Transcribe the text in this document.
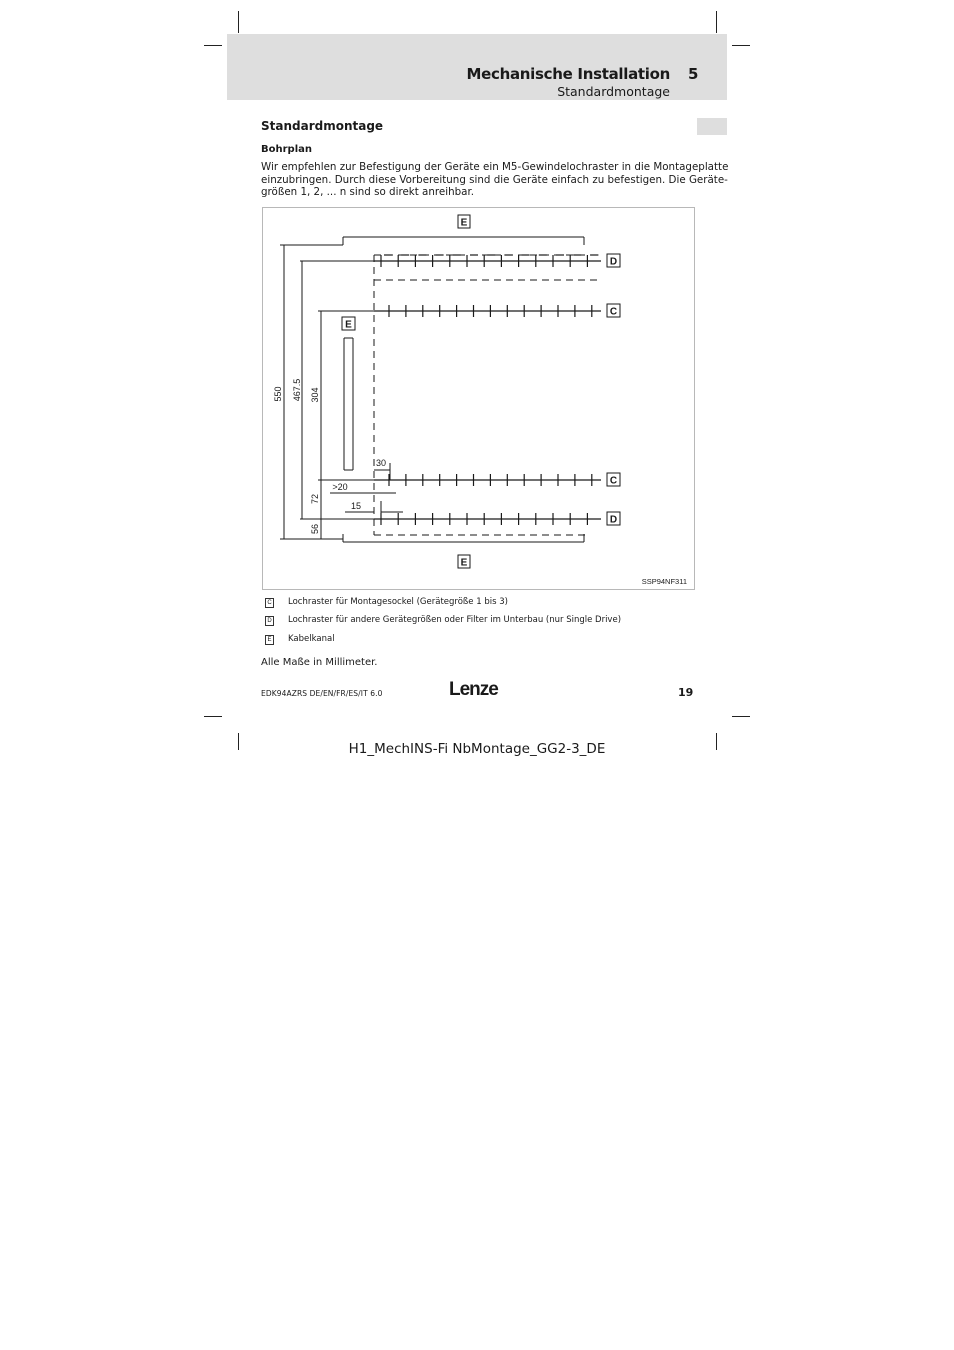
Mechanische Installation 5
Standardmontage
Standardmontage
Bohrplan
Wir empfehlen zur Befestigung der Geräte ein M5-Gewindelochraster in die Montageplatte
einzubringen. Durch diese Vorbereitung sind die Geräte einfach zu befestigen. Die Geräte-
größen 1, 2, ... n sind so direkt anreihbar.
E
E
E
550 467.5 304
72
56
30
>20
15
D
C
C
D
SSP94NF311
C Lochraster für Montagesockel (Gerätegröße 1 bis 3)
D Lochraster für andere Gerätegrößen oder Filter im Unterbau (nur Single Drive)
E Kabelkanal
Alle Maße in Millimeter.
EDK94AZRS DE/EN/FR/ES/IT 6.0	Lenze	19
H1_MechINS-Fi NbMontage_GG2-3_DE
